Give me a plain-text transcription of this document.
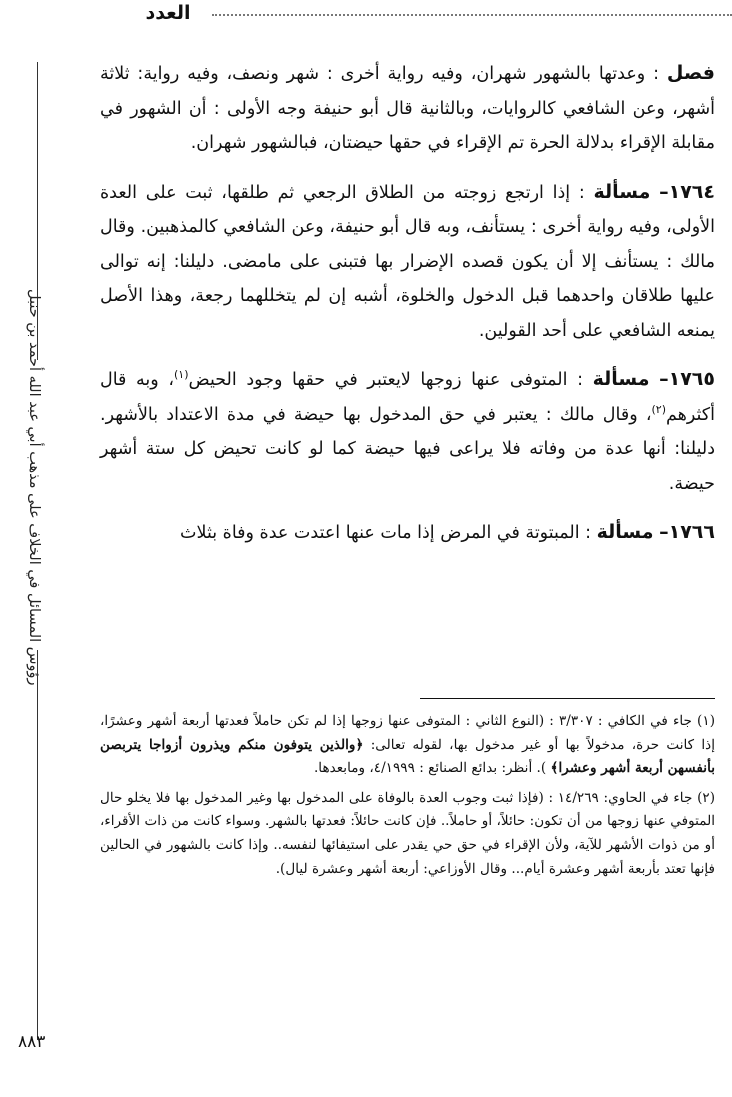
العدد
رؤوس المسائل في الخلاف على مذهب أبي عبد الله أحمد بن حنبل

فصل : وعدتها بالشهور شهران، وفيه رواية أخرى : شهر ونصف، وفيه رواية: ثلاثة أشهر، وعن الشافعي كالروايات، وبالثانية قال أبو حنيفة وجه الأولى : أن الشهور في مقابلة الإقراء بدلالة الحرة تم الإقراء في حقها حيضتان، فبالشهور شهران.

١٧٦٤– مسألة : إذا ارتجع زوجته من الطلاق الرجعي ثم طلقها، ثبت على العدة الأولى، وفيه رواية أخرى : يستأنف، وبه قال أبو حنيفة، وعن الشافعي كالمذهبين. وقال مالك : يستأنف إلا أن يكون قصده الإضرار بها فتبنى على مامضى. دليلنا: إنه توالى عليها طلاقان واحدهما قبل الدخول والخلوة، أشبه إن لم يتخللهما رجعة، وهذا الأصل يمنعه الشافعي على أحد القولين.

١٧٦٥– مسألة : المتوفى عنها زوجها لايعتبر في حقها وجود الحيض$^{(١)}$، وبه قال أكثرهم$^{(٢)}$، وقال مالك : يعتبر في حق المدخول بها حيضة في مدة الاعتداد بالأشهر. دليلنا: أنها عدة من وفاته فلا يراعى فيها حيضة كما لو كانت تحيض كل ستة أشهر حيضة.

١٧٦٦– مسألة : المبتوتة في المرض إذا مات عنها اعتدت عدة وفاة بثلاث

(١) جاء في الكافي : ٣/٣٠٧ : (النوع الثاني : المتوفى عنها زوجها إذا لم تكن حاملاً فعدتها أربعة أشهر وعشرًا، إذا كانت حرة، مدخولاً بها أو غير مدخول بها، لقوله تعالى: ﴿والذين يتوفون منكم ويذرون أزواجا يتربصن بأنفسهن أربعة أشهر وعشرا﴾ ). أنظر: بدائع الصنائع : ٤/١٩٩٩، ومابعدها.

(٢) جاء في الحاوي: ١٤/٢٦٩ : (فإذا ثبت وجوب العدة بالوفاة على المدخول بها وغير المدخول بها فلا يخلو حال المتوفي عنها زوجها من أن تكون: حائلاً، أو حاملاً.. فإن كانت حائلاً: فعدتها بالشهر. وسواء كانت من ذات الأقراء، أو من ذوات الأشهر للآية، ولأن الإقراء في حق حي يقدر على استيفائها لنفسه.. وإذا كانت بالشهور في الحالين فإنها تعتد بأربعة أشهر وعشرة أيام... وقال الأوزاعي: أربعة أشهر وعشرة ليال).

٨٨٣
